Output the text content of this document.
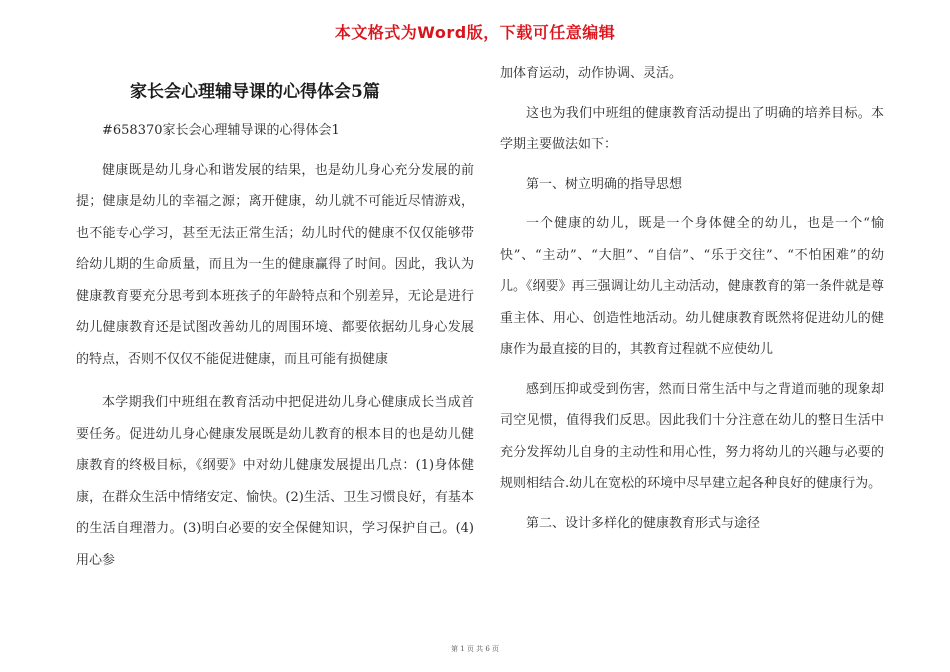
本文格式为Word版，下载可任意编辑
家长会心理辅导课的心得体会5篇

#658370家长会心理辅导课的心得体会1

健康既是幼儿身心和谐发展的结果，也是幼儿身心充分发展的前提；健康是幼儿的幸福之源；离开健康，幼儿就不可能近尽情游戏，也不能专心学习，甚至无法正常生活；幼儿时代的健康不仅仅能够带给幼儿期的生命质量，而且为一生的健康赢得了时间。因此，我认为健康教育要充分思考到本班孩子的年龄特点和个别差异，无论是进行幼儿健康教育还是试图改善幼儿的周围环境、都要依据幼儿身心发展的特点，否则不仅仅不能促进健康，而且可能有损健康

本学期我们中班组在教育活动中把促进幼儿身心健康成长当成首要任务。促进幼儿身心健康发展既是幼儿教育的根本目的也是幼儿健康教育的终极目标，《纲要》中对幼儿健康发展提出几点：(1)身体健康，在群众生活中情绪安定、愉快。(2)生活、卫生习惯良好，有基本的生活自理潜力。(3)明白必要的安全保健知识，学习保护自己。(4)用心参

加体育运动，动作协调、灵活。

这也为我们中班组的健康教育活动提出了明确的培养目标。本学期主要做法如下：

第一、树立明确的指导思想

一个健康的幼儿，既是一个身体健全的幼儿，也是一个“愉快”、“主动”、“大胆”、“自信”、“乐于交往”、“不怕困难”的幼儿。《纲要》再三强调让幼儿主动活动，健康教育的第一条件就是尊重主体、用心、创造性地活动。幼儿健康教育既然将促进幼儿的健康作为最直接的目的，其教育过程就不应使幼儿

感到压抑或受到伤害，然而日常生活中与之背道而驰的现象却司空见惯，值得我们反思。因此我们十分注意在幼儿的整日生活中充分发挥幼儿自身的主动性和用心性，努力将幼儿的兴趣与必要的规则相结合.幼儿在宽松的环境中尽早建立起各种良好的健康行为。

第二、设计多样化的健康教育形式与途径

第 1 页 共 6 页
